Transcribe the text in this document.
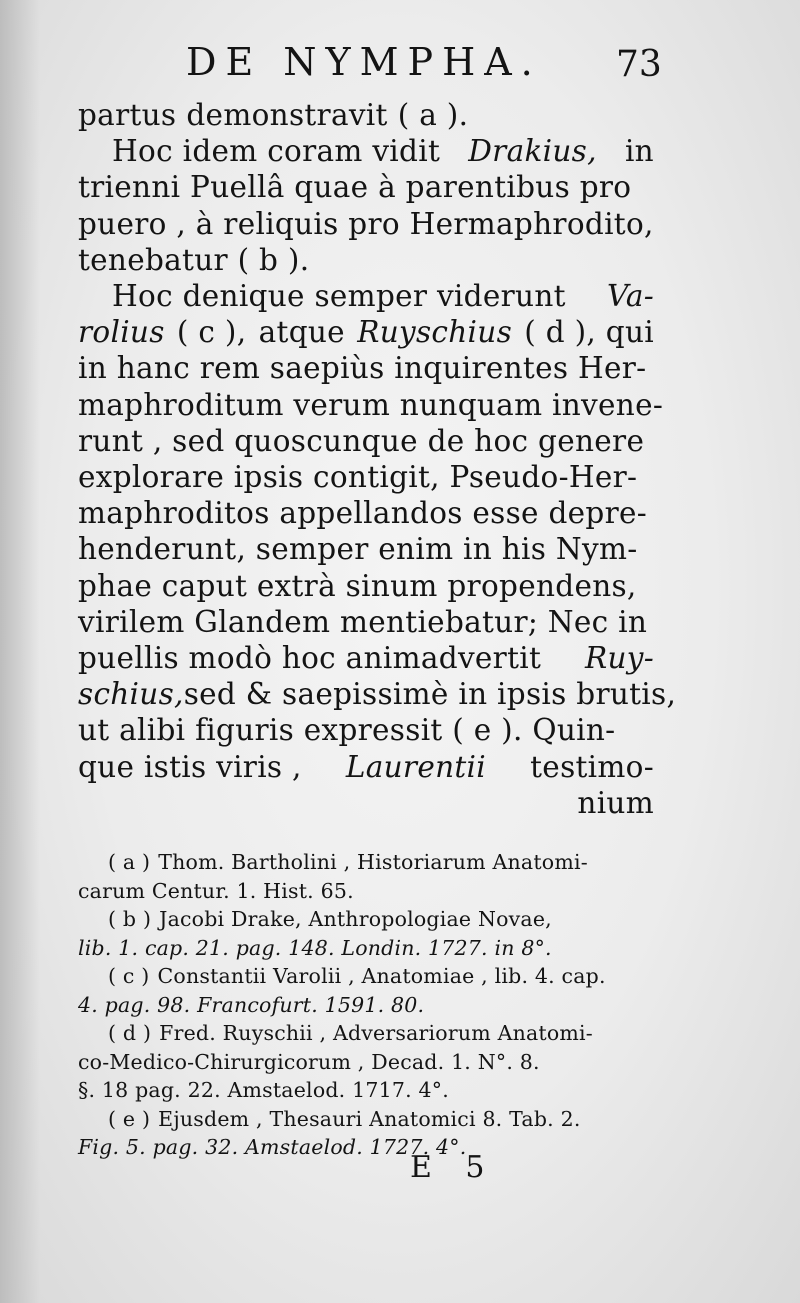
DE NYMPHA. 73
partus demonstravit ( a ).
Hoc idem coram vidit Drakius, in
trienni Puellâ quae à parentibus pro
puero , à reliquis pro Hermaphrodito,
tenebatur ( b ).
Hoc denique semper viderunt Va-
rolius ( c ), atque Ruyschius ( d ), qui
in hanc rem saepiùs inquirentes Her-
maphroditum verum nunquam invene-
runt , sed quoscunque de hoc genere
explorare ipsis contigit, Pseudo-Her-
maphroditos appellandos esse depre-
henderunt, semper enim in his Nym-
phae caput extrà sinum propendens,
virilem Glandem mentiebatur; Nec in
puellis modò hoc animadvertit Ruy-
schius, sed & saepissimè in ipsis brutis,
ut alibi figuris expressit ( e ). Quin-
que istis viris , Laurentii testimo-
nium
( a ) Thom. Bartholini , Historiarum Anatomi-
carum Centur. 1. Hist. 65.
( b ) Jacobi Drake, Anthropologiae Novae,
lib. 1. cap. 21. pag. 148. Londin. 1727. in 8°.
( c ) Constantii Varolii , Anatomiae , lib. 4. cap.
4. pag. 98. Francofurt. 1591. 80.
( d ) Fred. Ruyschii , Adversariorum Anatomi-
co-Medico-Chirurgicorum , Decad. 1. N°. 8.
§. 18 pag. 22. Amstaelod. 1717. 4°.
( e ) Ejusdem , Thesauri Anatomici 8. Tab. 2.
Fig. 5. pag. 32. Amstaelod. 1727. 4°.
E 5
